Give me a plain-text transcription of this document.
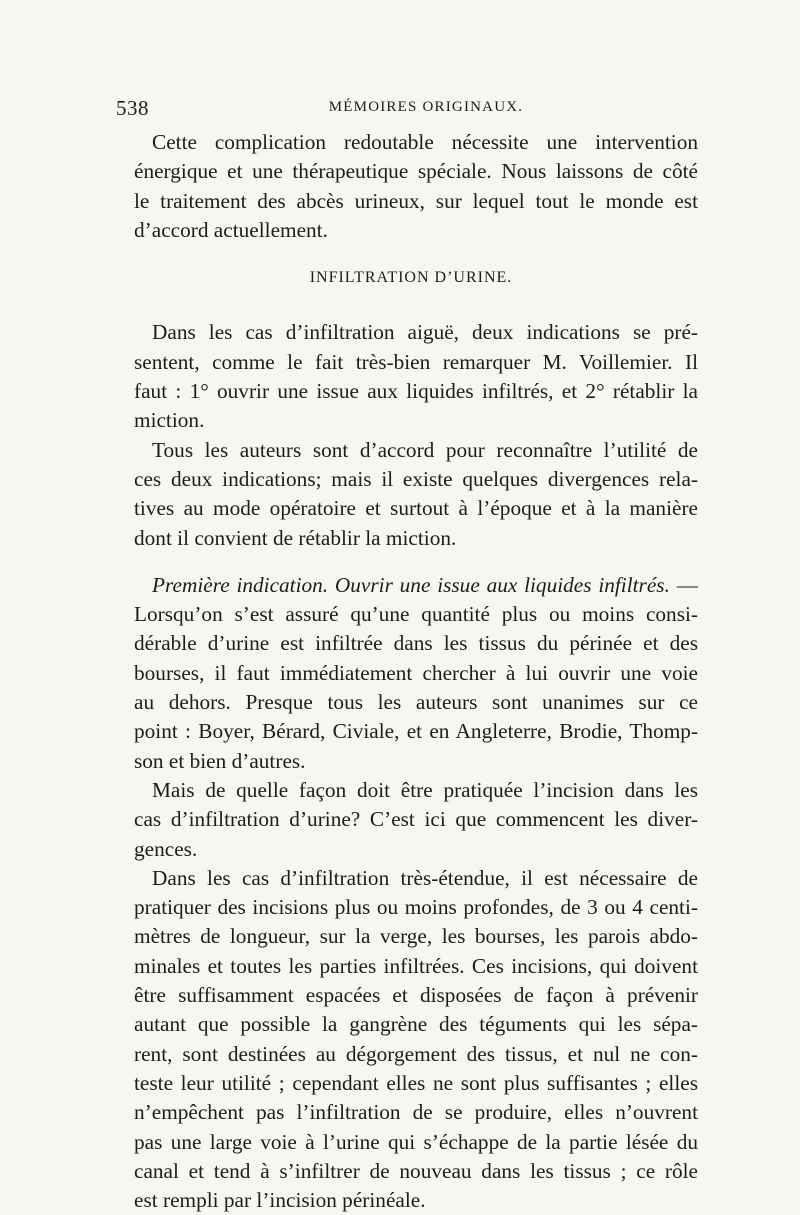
538	MÉMOIRES ORIGINAUX.
Cette complication redoutable nécessite une intervention
énergique et une thérapeutique spéciale. Nous laissons de côté
le traitement des abcès urineux, sur lequel tout le monde est
d’accord actuellement.
INFILTRATION D’URINE.
Dans les cas d’infiltration aiguë, deux indications se pré-
sentent, comme le fait très-bien remarquer M. Voillemier. Il
faut : 1° ouvrir une issue aux liquides infiltrés, et 2° rétablir la
miction.
Tous les auteurs sont d’accord pour reconnaître l’utilité de
ces deux indications; mais il existe quelques divergences rela-
tives au mode opératoire et surtout à l’époque et à la manière
dont il convient de rétablir la miction.
Première indication. Ouvrir une issue aux liquides infiltrés. —
Lorsqu’on s’est assuré qu’une quantité plus ou moins consi-
dérable d’urine est infiltrée dans les tissus du périnée et des
bourses, il faut immédiatement chercher à lui ouvrir une voie
au dehors. Presque tous les auteurs sont unanimes sur ce
point : Boyer, Bérard, Civiale, et en Angleterre, Brodie, Thomp-
son et bien d’autres.
Mais de quelle façon doit être pratiquée l’incision dans les
cas d’infiltration d’urine? C’est ici que commencent les diver-
gences.
Dans les cas d’infiltration très-étendue, il est nécessaire de
pratiquer des incisions plus ou moins profondes, de 3 ou 4 centi-
mètres de longueur, sur la verge, les bourses, les parois abdo-
minales et toutes les parties infiltrées. Ces incisions, qui doivent
être suffisamment espacées et disposées de façon à prévenir
autant que possible la gangrène des téguments qui les sépa-
rent, sont destinées au dégorgement des tissus, et nul ne con-
teste leur utilité ; cependant elles ne sont plus suffisantes ; elles
n’empêchent pas l’infiltration de se produire, elles n’ouvrent
pas une large voie à l’urine qui s’échappe de la partie lésée du
canal et tend à s’infiltrer de nouveau dans les tissus ; ce rôle
est rempli par l’incision périnéale.
